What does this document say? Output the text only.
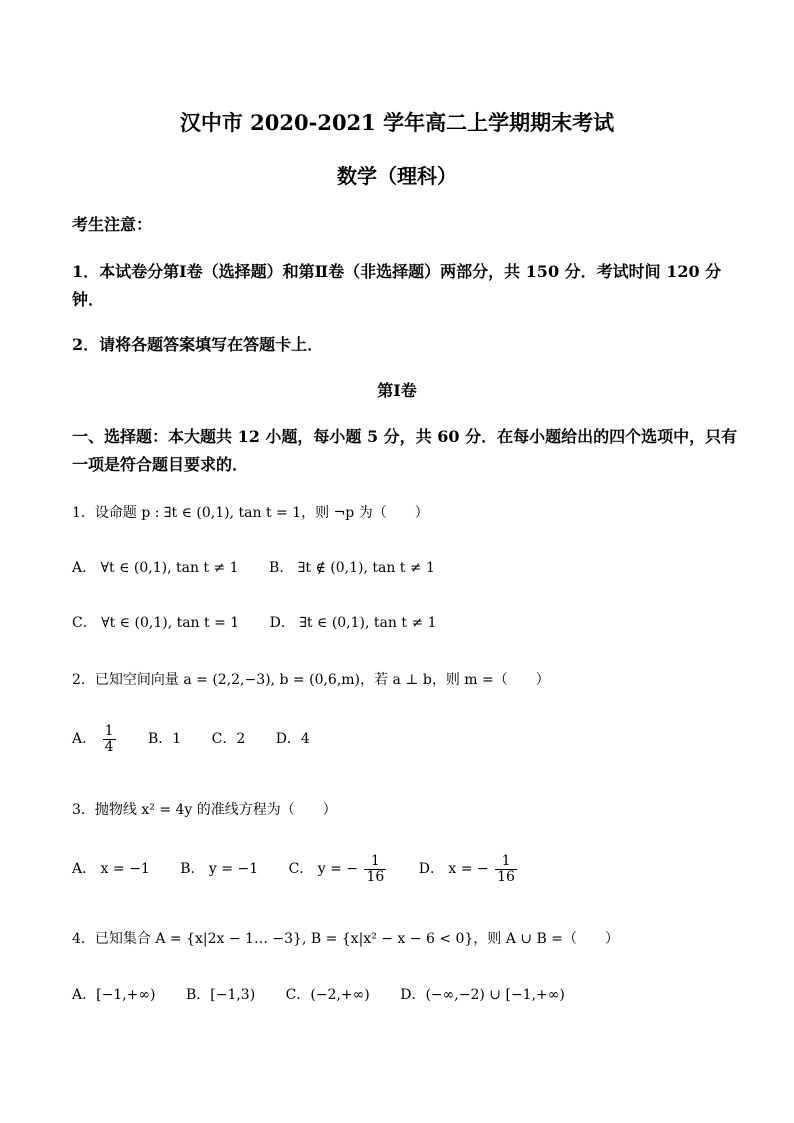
汉中市 2020-2021 学年高二上学期期末考试
数学（理科）
考生注意：
1．本试卷分第Ⅰ卷（选择题）和第Ⅱ卷（非选择题）两部分，共 150 分．考试时间 120 分
钟．
2．请将各题答案填写在答题卡上．
第Ⅰ卷
一、选择题：本大题共 12 小题，每小题 5 分，共 60 分．在每小题给出的四个选项中，只有
一项是符合题目要求的．
1．设命题 p : ∃t ∈ (0,1), tan t = 1，则 ¬p 为（　　）
A． ∀t ∈ (0,1), tan t ≠ 1 B． ∃t ∉ (0,1), tan t ≠ 1
C． ∀t ∈ (0,1), tan t = 1 D． ∃t ∈ (0,1), tan t ≠ 1
2．已知空间向量 a = (2,2,−3), b = (0,6,m)，若 a ⊥ b，则 m =（　　）
A． $\frac{1}{4}$ B．1 C．2 D．4
3．抛物线 x² = 4y 的准线方程为（　　）
A． x = −1 B． y = −1 C． y = − $\frac{1}{16}$ D． x = − $\frac{1}{16}$
4．已知集合 A = {x|2x − 1… −3}, B = {x|x² − x − 6 < 0}，则 A ∪ B =（　　）
A．[−1,+∞) B．[−1,3) C．(−2,+∞) D．(−∞,−2) ∪ [−1,+∞)
